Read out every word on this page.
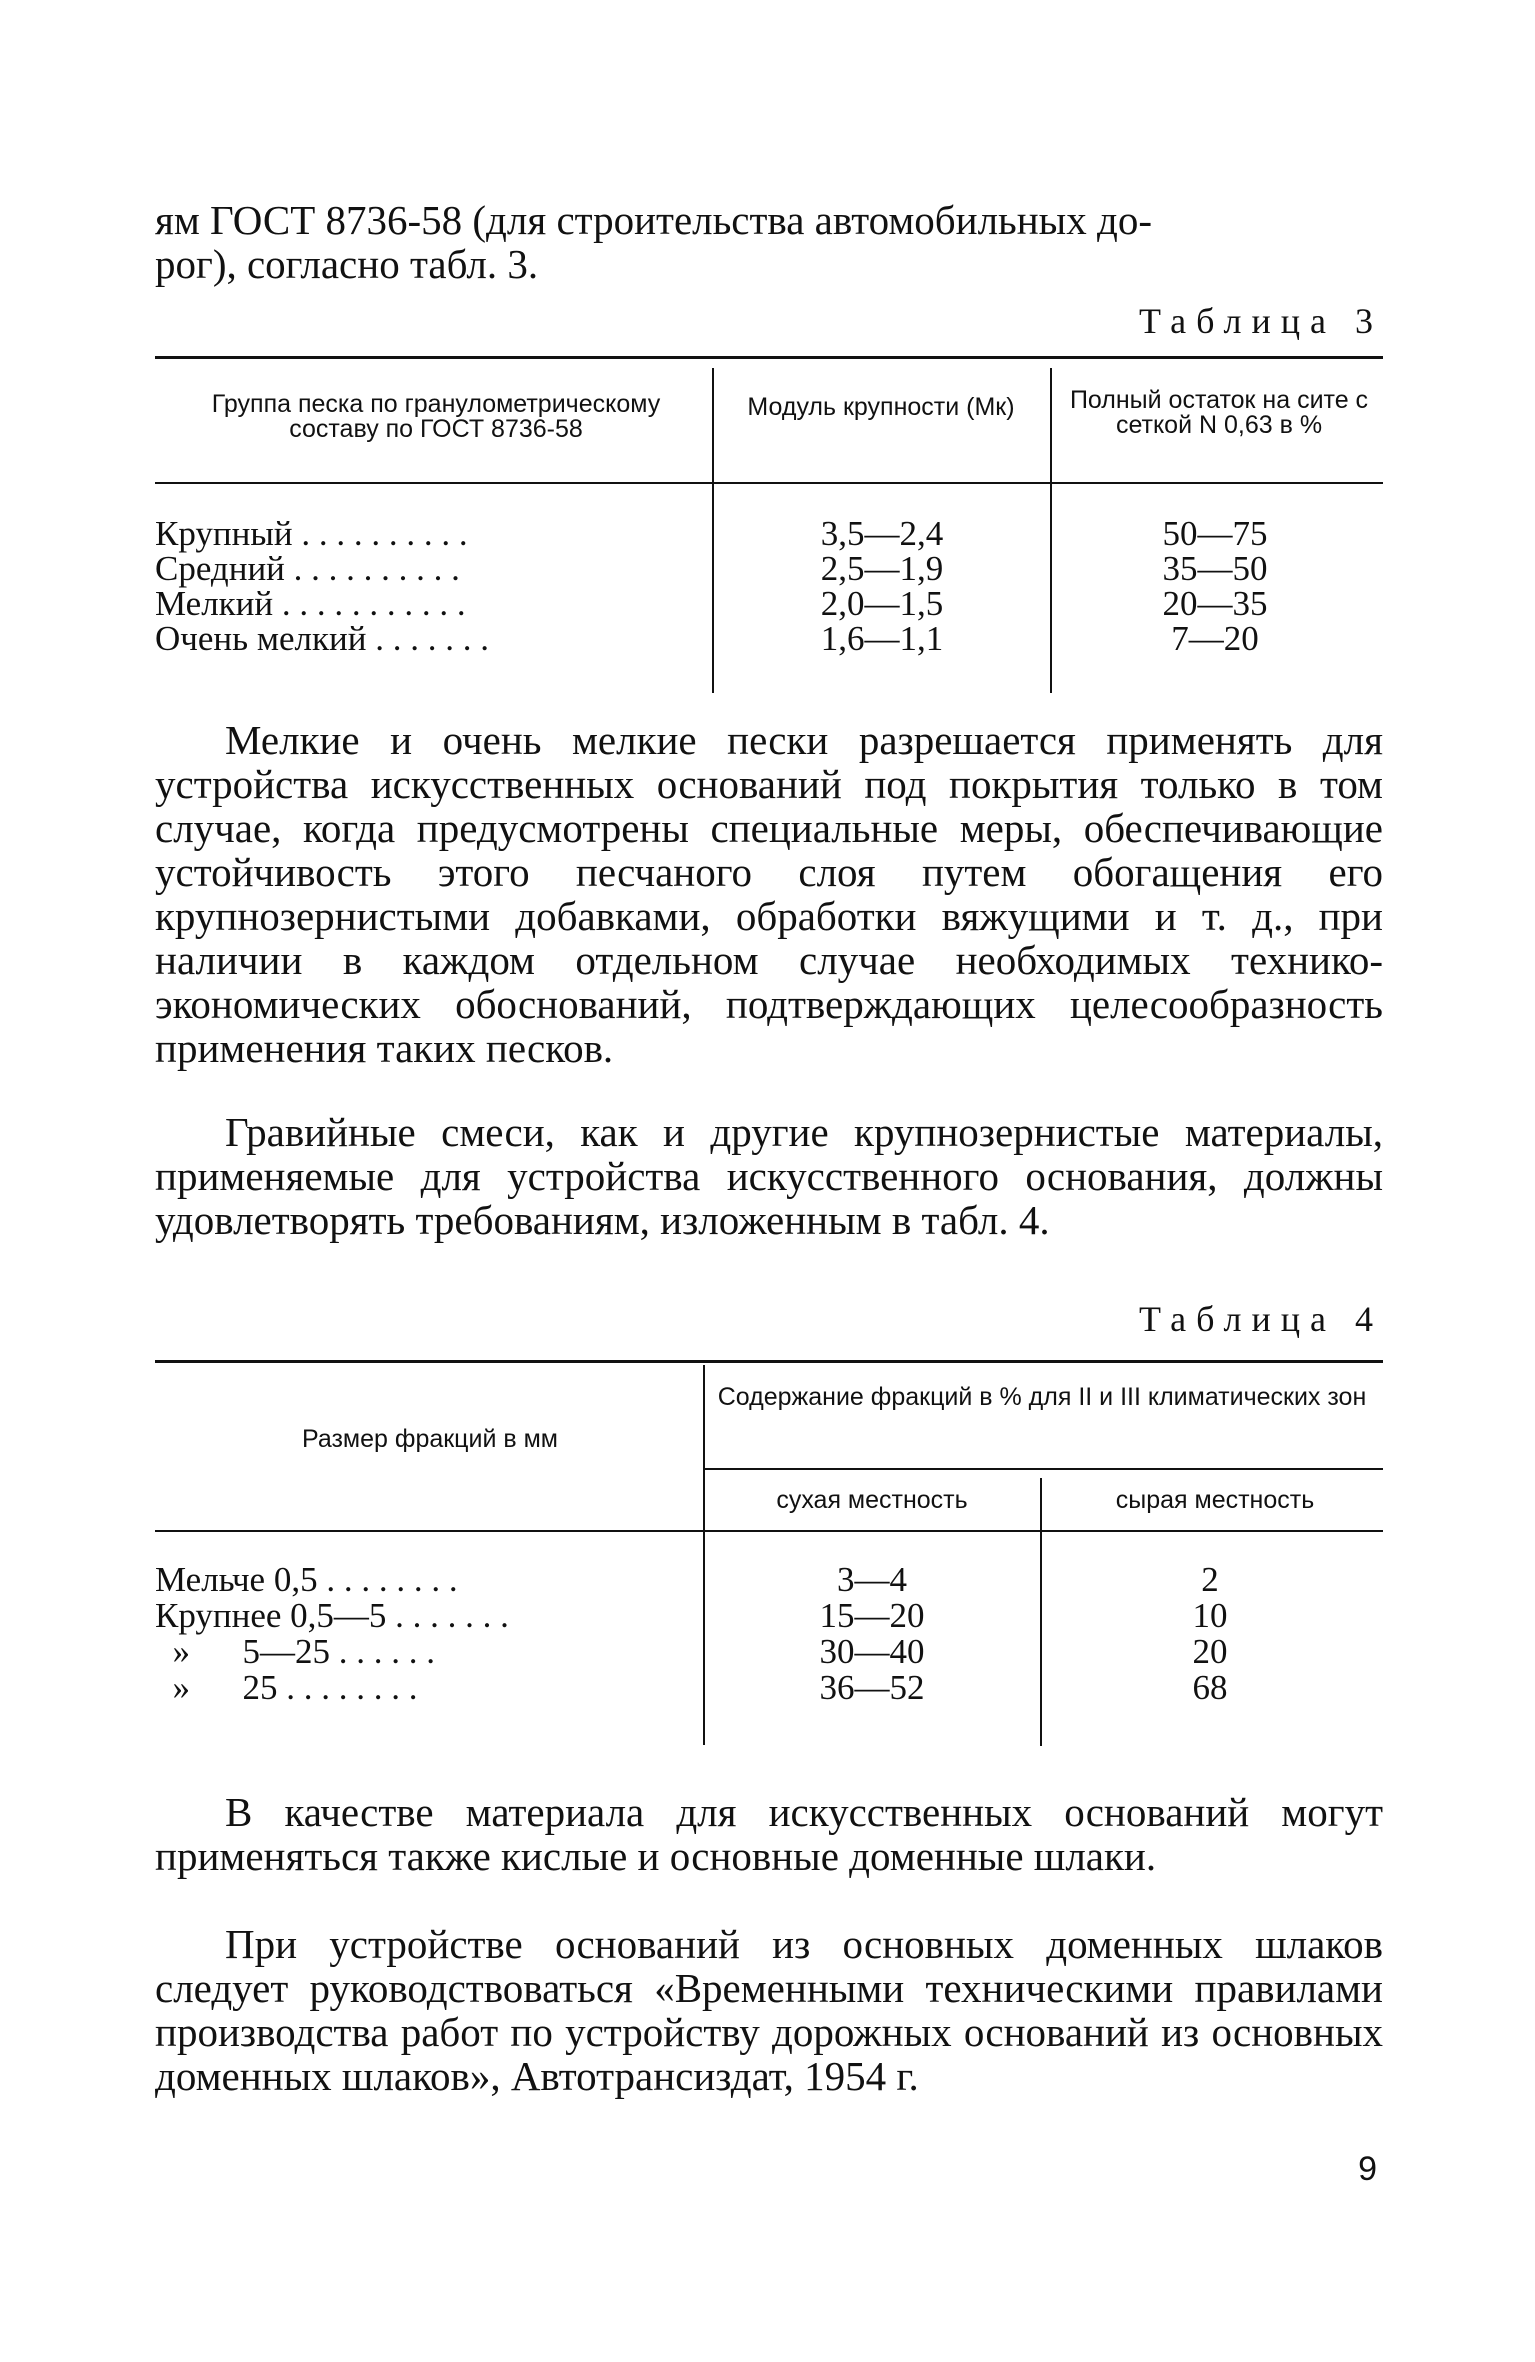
ям ГОСТ 8736-58 (для строительства автомобильных до-
рог), согласно табл. 3.
Таблица 3
Группа песка по гранулометрическому составу по ГОСТ 8736-58
Модуль крупности (Mк)	Полный остаток на сите с сеткой N 0,63 в %
Крупный . . . . . . . . . .	3,5—2,4	50—75
Средний . . . . . . . . . .	2,5—1,9	35—50
Мелкий . . . . . . . . . . .	2,0—1,5	20—35
Очень мелкий . . . . . . .	1,6—1,1	7—20

Мелкие и очень мелкие пески разрешается применять для устройства искусственных оснований под покрытия только в том случае, когда предусмотрены специальные меры, обеспечивающие устойчивость этого песчаного слоя путем обогащения его крупнозернистыми добавками, обработки вяжущими и т. д., при наличии в каждом отдельном случае необходимых технико-экономических обоснований, подтверждающих целесообразность применения таких песков.

Гравийные смеси, как и другие крупнозернистые материалы, применяемые для устройства искусственного основания, должны удовлетворять требованиям, изложенным в табл. 4.

Таблица 4
Размер фракций в мм
Содержание фракций в % для II и III климатических зон
сухая местность	сырая местность
Мельче 0,5 . . . . . . . .	3—4	2
Крупнее 0,5—5 . . . . . . .	15—20	10
»      5—25 . . . . . .	30—40	20
»      25 . . . . . . . .	36—52	68

В качестве материала для искусственных оснований могут применяться также кислые и основные доменные шлаки.

При устройстве оснований из основных доменных шлаков следует руководствоваться «Временными техническими правилами производства работ по устройству дорожных оснований из основных доменных шлаков», Автотрансиздат, 1954 г.

9
